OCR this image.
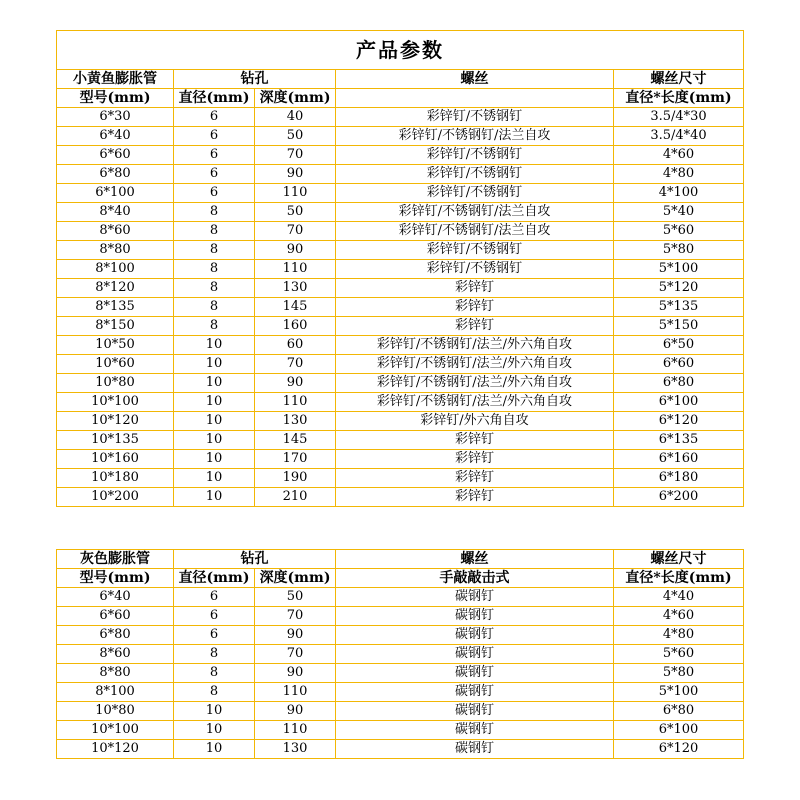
产品参数				
小黄鱼膨胀管	钻孔		螺丝	螺丝尺寸
型号(mm)	直径(mm)	深度(mm)		直径*长度(mm)
6*30	6	40	彩锌钉/不锈钢钉	3.5/4*30
6*40	6	50	彩锌钉/不锈钢钉/法兰自攻	3.5/4*40
6*60	6	70	彩锌钉/不锈钢钉	4*60
6*80	6	90	彩锌钉/不锈钢钉	4*80
6*100	6	110	彩锌钉/不锈钢钉	4*100
8*40	8	50	彩锌钉/不锈钢钉/法兰自攻	5*40
8*60	8	70	彩锌钉/不锈钢钉/法兰自攻	5*60
8*80	8	90	彩锌钉/不锈钢钉	5*80
8*100	8	110	彩锌钉/不锈钢钉	5*100
8*120	8	130	彩锌钉	5*120
8*135	8	145	彩锌钉	5*135
8*150	8	160	彩锌钉	5*150
10*50	10	60	彩锌钉/不锈钢钉/法兰/外六角自攻	6*50
10*60	10	70	彩锌钉/不锈钢钉/法兰/外六角自攻	6*60
10*80	10	90	彩锌钉/不锈钢钉/法兰/外六角自攻	6*80
10*100	10	110	彩锌钉/不锈钢钉/法兰/外六角自攻	6*100
10*120	10	130	彩锌钉/外六角自攻	6*120
10*135	10	145	彩锌钉	6*135
10*160	10	170	彩锌钉	6*160
10*180	10	190	彩锌钉	6*180
10*200	10	210	彩锌钉	6*200
灰色膨胀管	钻孔		螺丝	螺丝尺寸
型号(mm)	直径(mm)	深度(mm)	手敲敲击式	直径*长度(mm)
6*40	6	50	碳钢钉	4*40
6*60	6	70	碳钢钉	4*60
6*80	6	90	碳钢钉	4*80
8*60	8	70	碳钢钉	5*60
8*80	8	90	碳钢钉	5*80
8*100	8	110	碳钢钉	5*100
10*80	10	90	碳钢钉	6*80
10*100	10	110	碳钢钉	6*100
10*120	10	130	碳钢钉	6*120
